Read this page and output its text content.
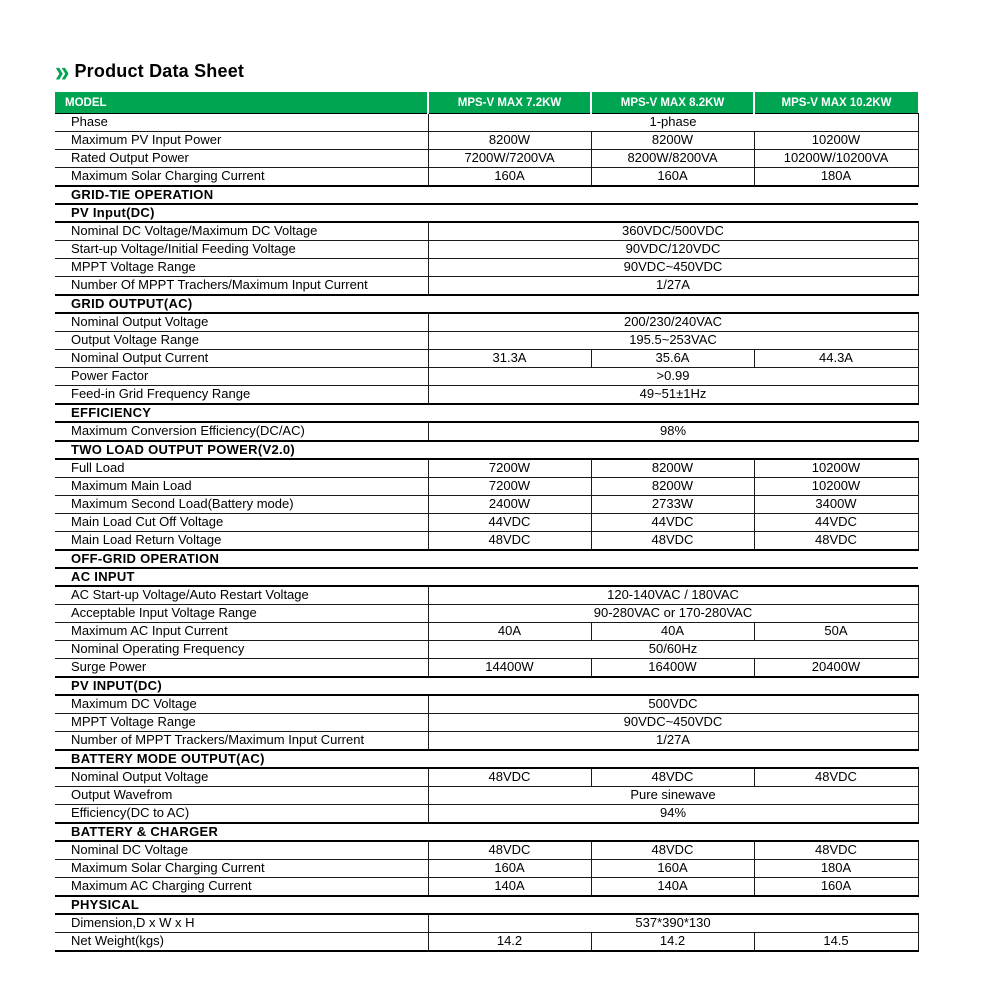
» Product Data Sheet
MODEL	MPS-V MAX 7.2KW	MPS-V MAX 8.2KW	MPS-V MAX 10.2KW
Phase	1-phase		
Maximum PV Input Power	8200W	8200W	10200W
Rated Output Power	7200W/7200VA	8200W/8200VA	10200W/10200VA
Maximum Solar Charging Current	160A	160A	180A
GRID-TIE OPERATION			
PV Input(DC)			
Nominal DC Voltage/Maximum DC Voltage	360VDC/500VDC		
Start-up Voltage/Initial Feeding Voltage	90VDC/120VDC		
MPPT Voltage Range	90VDC~450VDC		
Number Of MPPT Trachers/Maximum Input Current	1/27A		
GRID OUTPUT(AC)			
Nominal Output Voltage	200/230/240VAC		
Output Voltage Range	195.5~253VAC		
Nominal Output Current	31.3A	35.6A	44.3A
Power Factor	>0.99		
Feed-in Grid Frequency Range	49~51±1Hz		
EFFICIENCY			
Maximum Conversion Efficiency(DC/AC)	98%		
TWO LOAD OUTPUT POWER(V2.0)			
Full Load	7200W	8200W	10200W
Maximum Main Load	7200W	8200W	10200W
Maximum Second Load(Battery mode)	2400W	2733W	3400W
Main Load Cut Off Voltage	44VDC	44VDC	44VDC
Main Load Return Voltage	48VDC	48VDC	48VDC
OFF-GRID OPERATION			
AC INPUT			
AC Start-up Voltage/Auto Restart Voltage	120-140VAC / 180VAC		
Acceptable Input Voltage Range	90-280VAC or 170-280VAC		
Maximum AC Input Current	40A	40A	50A
Nominal Operating Frequency	50/60Hz		
Surge Power	14400W	16400W	20400W
PV INPUT(DC)			
Maximum DC Voltage	500VDC		
MPPT Voltage Range	90VDC~450VDC		
Number of MPPT Trackers/Maximum Input Current	1/27A		
BATTERY MODE OUTPUT(AC)			
Nominal Output Voltage	48VDC	48VDC	48VDC
Output Wavefrom	Pure sinewave		
Efficiency(DC to AC)	94%		
BATTERY & CHARGER			
Nominal DC Voltage	48VDC	48VDC	48VDC
Maximum Solar Charging Current	160A	160A	180A
Maximum AC Charging Current	140A	140A	160A
PHYSICAL			
Dimension,D x W x H	537*390*130		
Net Weight(kgs)	14.2	14.2	14.5
